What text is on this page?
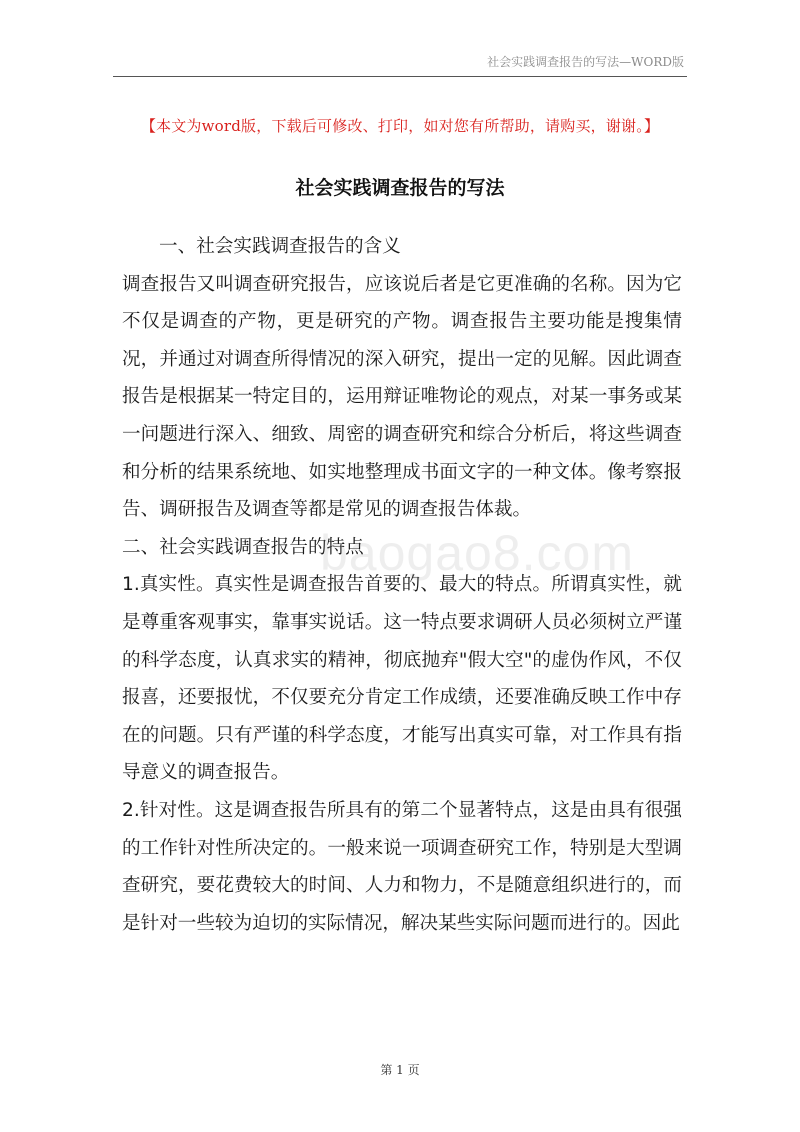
社会实践调查报告的写法—WORD版
【本文为word版，下载后可修改、打印，如对您有所帮助，请购买，谢谢。】
社会实践调查报告的写法

一、社会实践调查报告的含义

调查报告又叫调查研究报告，应该说后者是它更准确的名称。因为它不仅是调查的产物，更是研究的产物。调查报告主要功能是搜集情况，并通过对调查所得情况的深入研究，提出一定的见解。因此调查报告是根据某一特定目的，运用辩证唯物论的观点，对某一事务或某一问题进行深入、细致、周密的调查研究和综合分析后，将这些调查和分析的结果系统地、如实地整理成书面文字的一种文体。像考察报告、调研报告及调查等都是常见的调查报告体裁。

二、社会实践调查报告的特点

1.真实性。真实性是调查报告首要的、最大的特点。所谓真实性，就是尊重客观事实，靠事实说话。这一特点要求调研人员必须树立严谨的科学态度，认真求实的精神，彻底抛弃"假大空"的虚伪作风，不仅报喜，还要报忧，不仅要充分肯定工作成绩，还要准确反映工作中存在的问题。只有严谨的科学态度，才能写出真实可靠，对工作具有指导意义的调查报告。

2.针对性。这是调查报告所具有的第二个显著特点，这是由具有很强的工作针对性所决定的。一般来说一项调查研究工作，特别是大型调查研究，要花费较大的时间、人力和物力，不是随意组织进行的，而是针对一些较为迫切的实际情况，解决某些实际问题而进行的。因此

baogao8.com
第 1 页
